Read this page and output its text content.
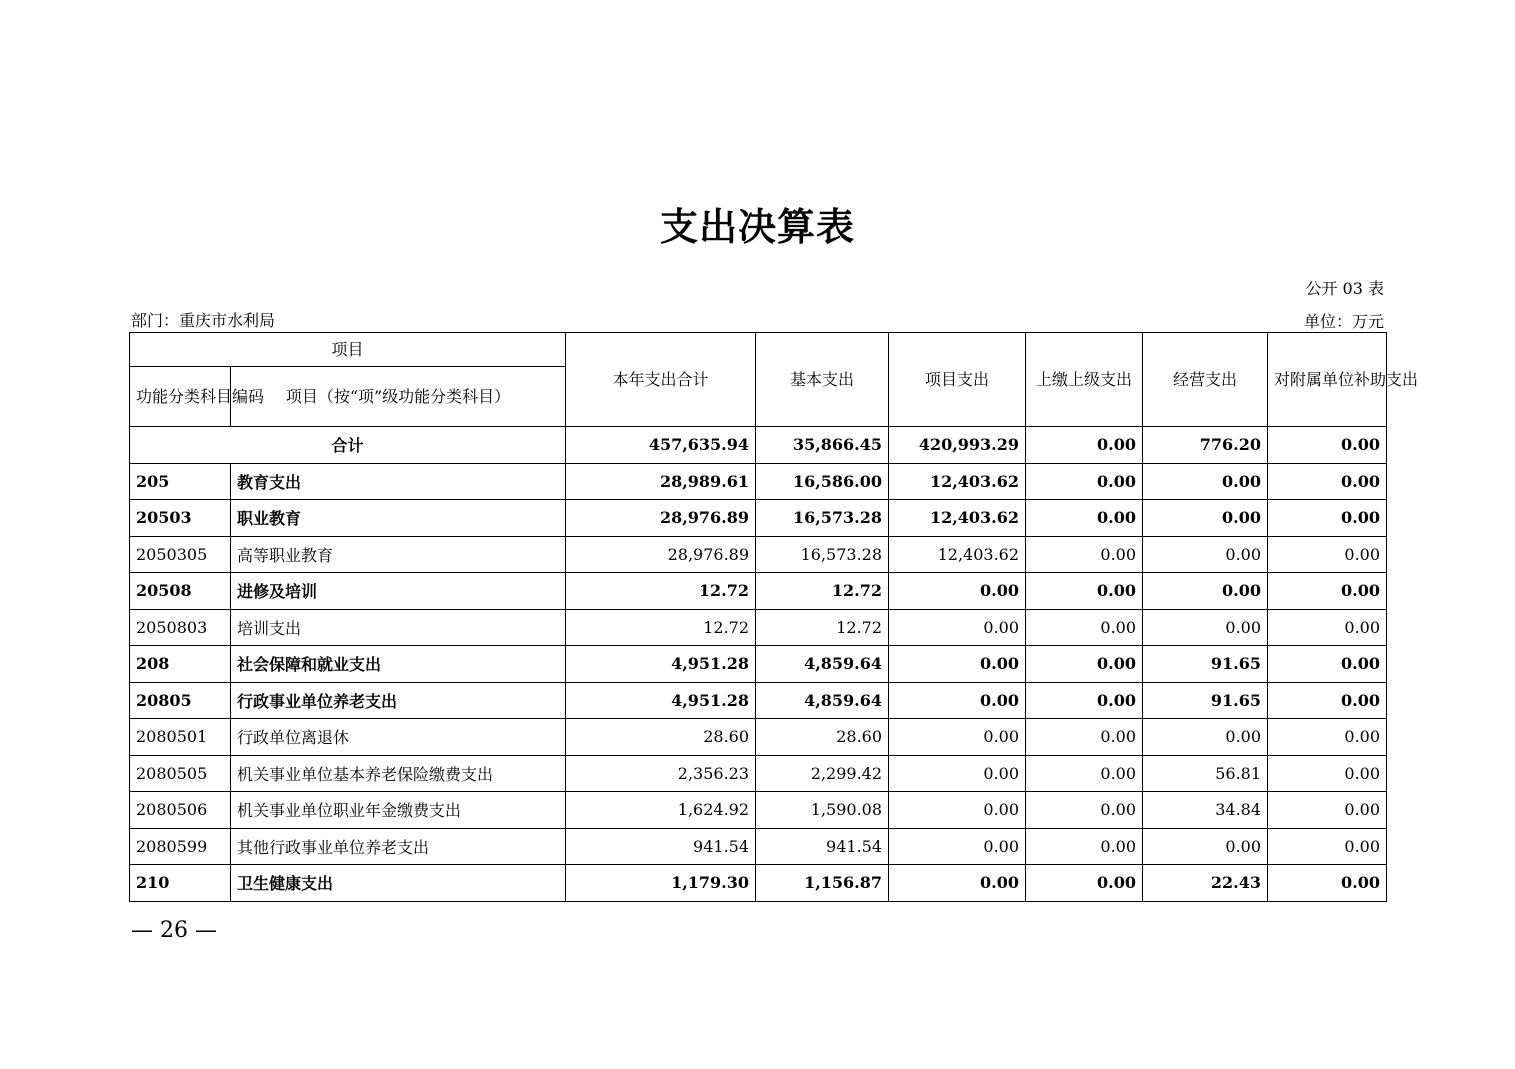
支出决算表
公开 03 表
部门：重庆市水利局	单位：万元
项目		本年支出合计	基本支出	项目支出	上缴上级支出	经营支出	对附属单位补助支出
功能分类科目编码	项目（按“项”级功能分类科目）						
合计		457,635.94	35,866.45	420,993.29	0.00	776.20	0.00
205	教育支出	28,989.61	16,586.00	12,403.62	0.00	0.00	0.00
20503	职业教育	28,976.89	16,573.28	12,403.62	0.00	0.00	0.00
2050305	高等职业教育	28,976.89	16,573.28	12,403.62	0.00	0.00	0.00
20508	进修及培训	12.72	12.72	0.00	0.00	0.00	0.00
2050803	培训支出	12.72	12.72	0.00	0.00	0.00	0.00
208	社会保障和就业支出	4,951.28	4,859.64	0.00	0.00	91.65	0.00
20805	行政事业单位养老支出	4,951.28	4,859.64	0.00	0.00	91.65	0.00
2080501	行政单位离退休	28.60	28.60	0.00	0.00	0.00	0.00
2080505	机关事业单位基本养老保险缴费支出	2,356.23	2,299.42	0.00	0.00	56.81	0.00
2080506	机关事业单位职业年金缴费支出	1,624.92	1,590.08	0.00	0.00	34.84	0.00
2080599	其他行政事业单位养老支出	941.54	941.54	0.00	0.00	0.00	0.00
210	卫生健康支出	1,179.30	1,156.87	0.00	0.00	22.43	0.00
— 26 —
